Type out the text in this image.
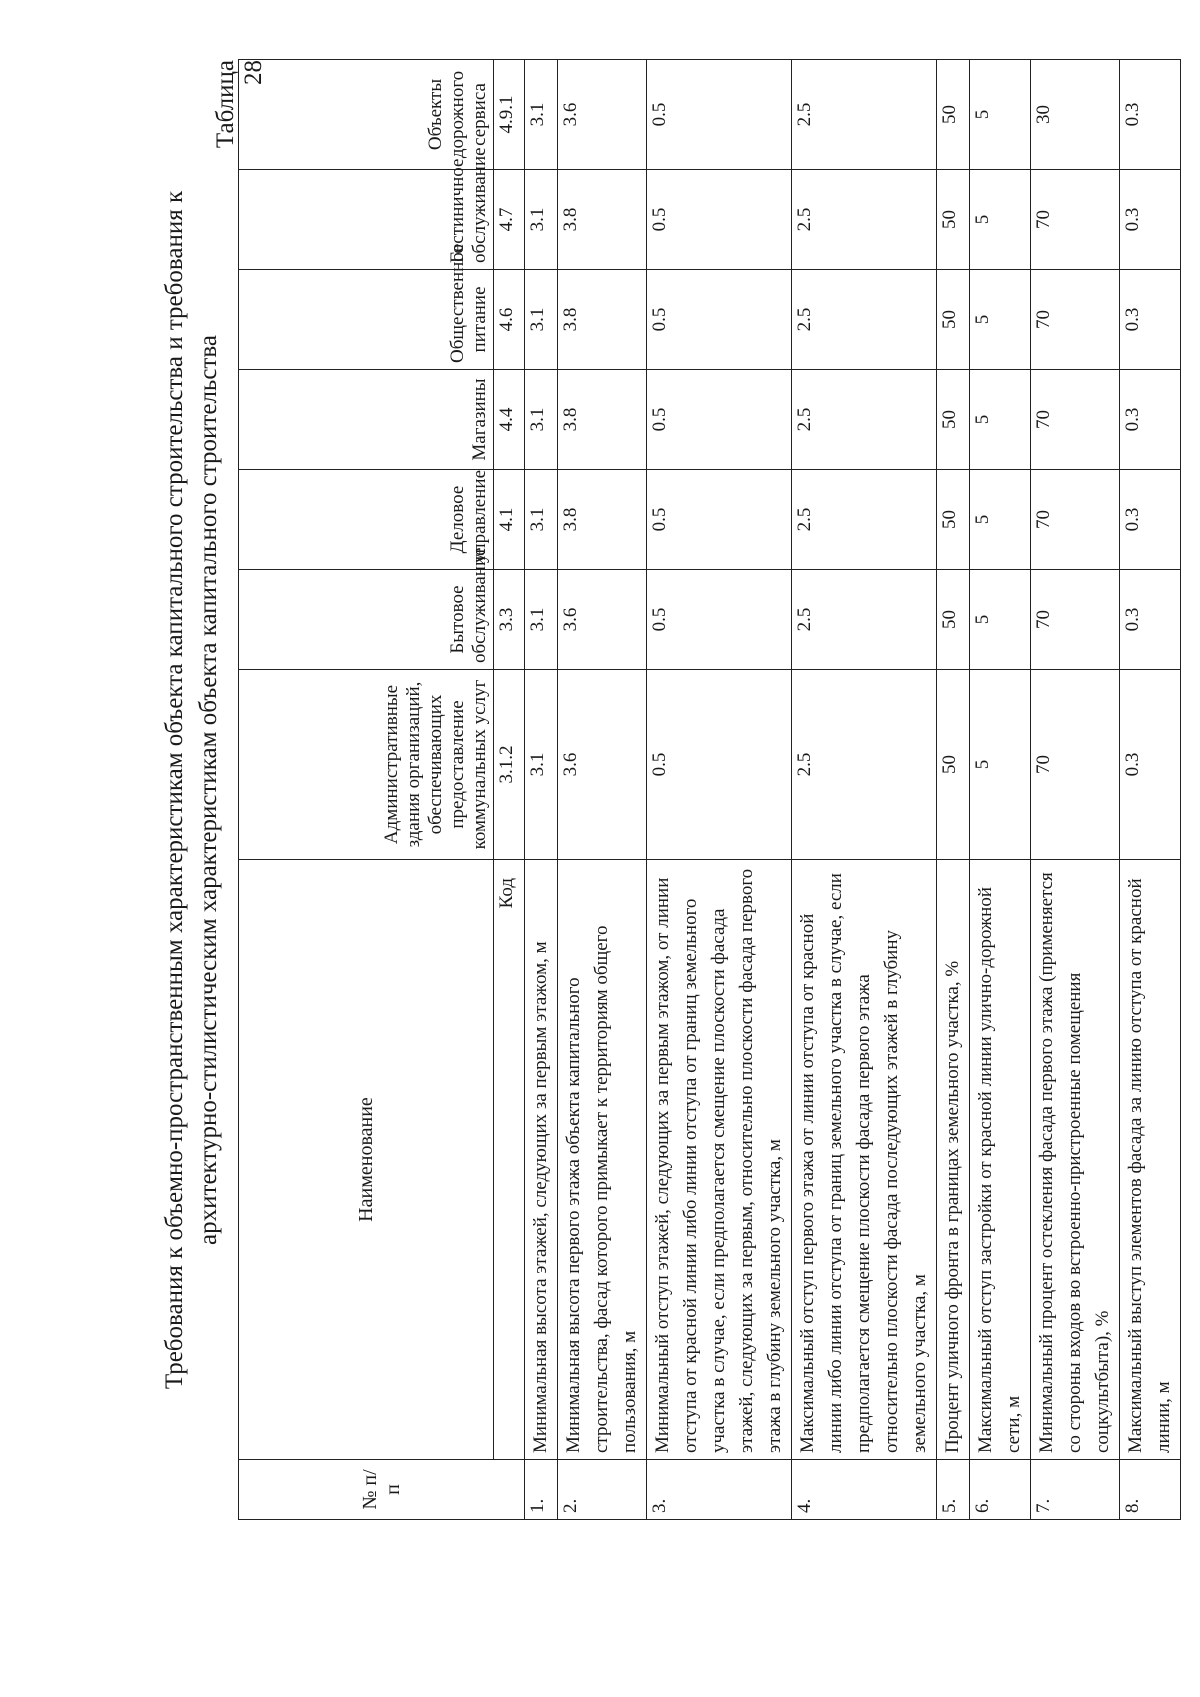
Требования к объемно-пространственным характеристикам объекта капитального строительства и требования к архитектурно-стилистическим характеристикам объекта капитального строительства
Таблица 28
№ п/п	Наименование	Административные здания организаций, обеспечивающих предоставление коммунальных услуг	Бытовое обслуживание	Деловое управление	Магазины	Общественное питание	Гостиничное обслуживание	Объекты дорожного сервиса
	Код	3.1.2	3.3	4.1	4.4	4.6	4.7	4.9.1
1.	Минимальная высота этажей, следующих за первым этажом, м	3.1	3.1	3.1	3.1	3.1	3.1	3.1
2.	Минимальная высота первого этажа объекта капитального строительства, фасад которого примыкает к территориям общего пользования, м	3.6	3.6	3.8	3.8	3.8	3.8	3.6
3.	Минимальный отступ этажей, следующих за первым этажом, от линии отступа от красной линии либо линии отступа от границ земельного участка в случае, если предполагается смещение плоскости фасада этажей, следующих за первым, относительно плоскости фасада первого этажа в глубину земельного участка, м	0.5	0.5	0.5	0.5	0.5	0.5	0.5
4.	Максимальный отступ первого этажа от линии отступа от красной линии либо линии отступа от границ земельного участка в случае, если предполагается смещение плоскости фасада первого этажа относительно плоскости фасада последующих этажей в глубину земельного участка, м	2.5	2.5	2.5	2.5	2.5	2.5	2.5
5.	Процент уличного фронта в границах земельного участка, %	50	50	50	50	50	50	50
6.	Максимальный отступ застройки от красной линии улично-дорожной сети, м	5	5	5	5	5	5	5
7.	Минимальный процент остекления фасада первого этажа (применяется со стороны входов во встроенно-пристроенные помещения соцкультбыта), %	70	70	70	70	70	70	30
8.	Максимальный выступ элементов фасада за линию отступа от красной линии, м	0.3	0.3	0.3	0.3	0.3	0.3	0.3
